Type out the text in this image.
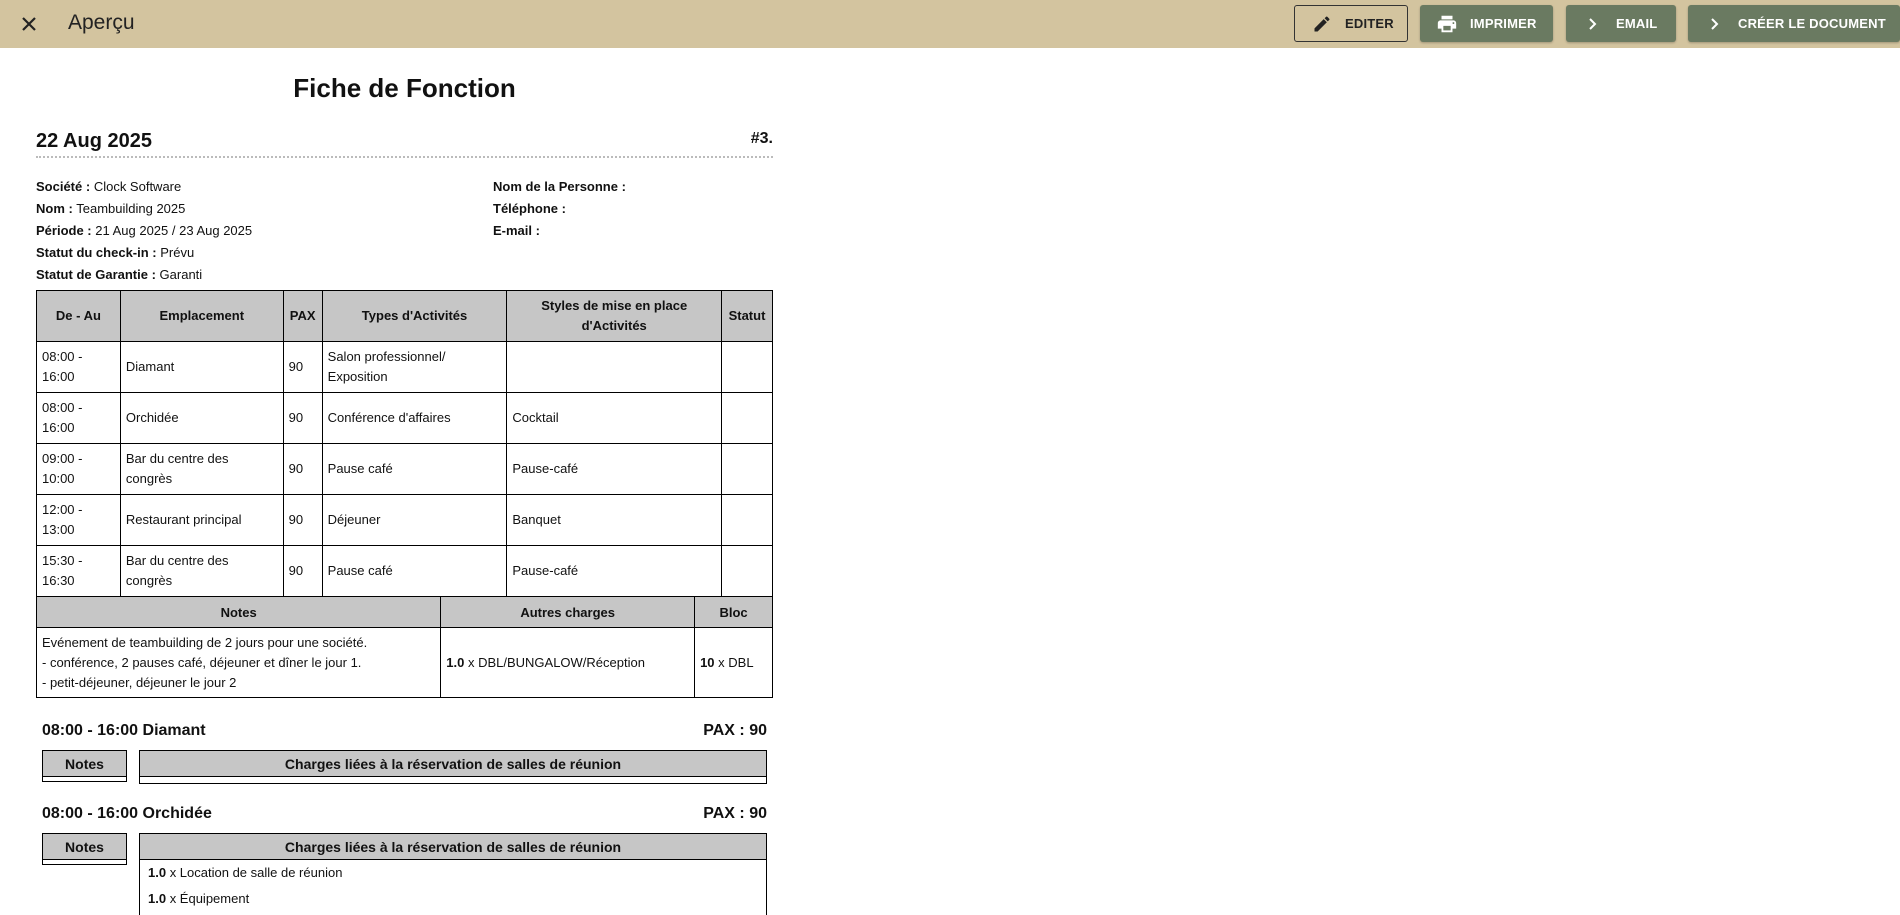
Aperçu	EDITER	IMPRIMER	EMAIL	CRÉER LE DOCUMENT
Fiche de Fonction
22 Aug 2025	#3.
Société : Clock Software
Nom : Teambuilding 2025
Période : 21 Aug 2025 / 23 Aug 2025
Statut du check-in : Prévu
Statut de Garantie : Garanti
Nom de la Personne :
Téléphone :
E-mail :
De - Au	Emplacement	PAX	Types d'Activités	Styles de mise en place d'Activités	Statut
08:00 - 16:00	Diamant	90	Salon professionnel/ Exposition		
08:00 - 16:00	Orchidée	90	Conférence d'affaires	Cocktail	
09:00 - 10:00	Bar du centre des congrès	90	Pause café	Pause-café	
12:00 - 13:00	Restaurant principal	90	Déjeuner	Banquet	
15:30 - 16:30	Bar du centre des congrès	90	Pause café	Pause-café	
Notes	Autres charges	Bloc

Evénement de teambuilding de 2 jours pour une société.
- conférence, 2 pauses café, déjeuner et dîner le jour 1.
- petit-déjeuner, déjeuner le jour 2	1.0 x DBL/BUNGALOW/Réception	10 x DBL
08:00 - 16:00 Diamant	PAX : 90
Notes	Charges liées à la réservation de salles de réunion
08:00 - 16:00 Orchidée	PAX : 90
Notes	Charges liées à la réservation de salles de réunion
1.0 x Location de salle de réunion
1.0 x Équipement
